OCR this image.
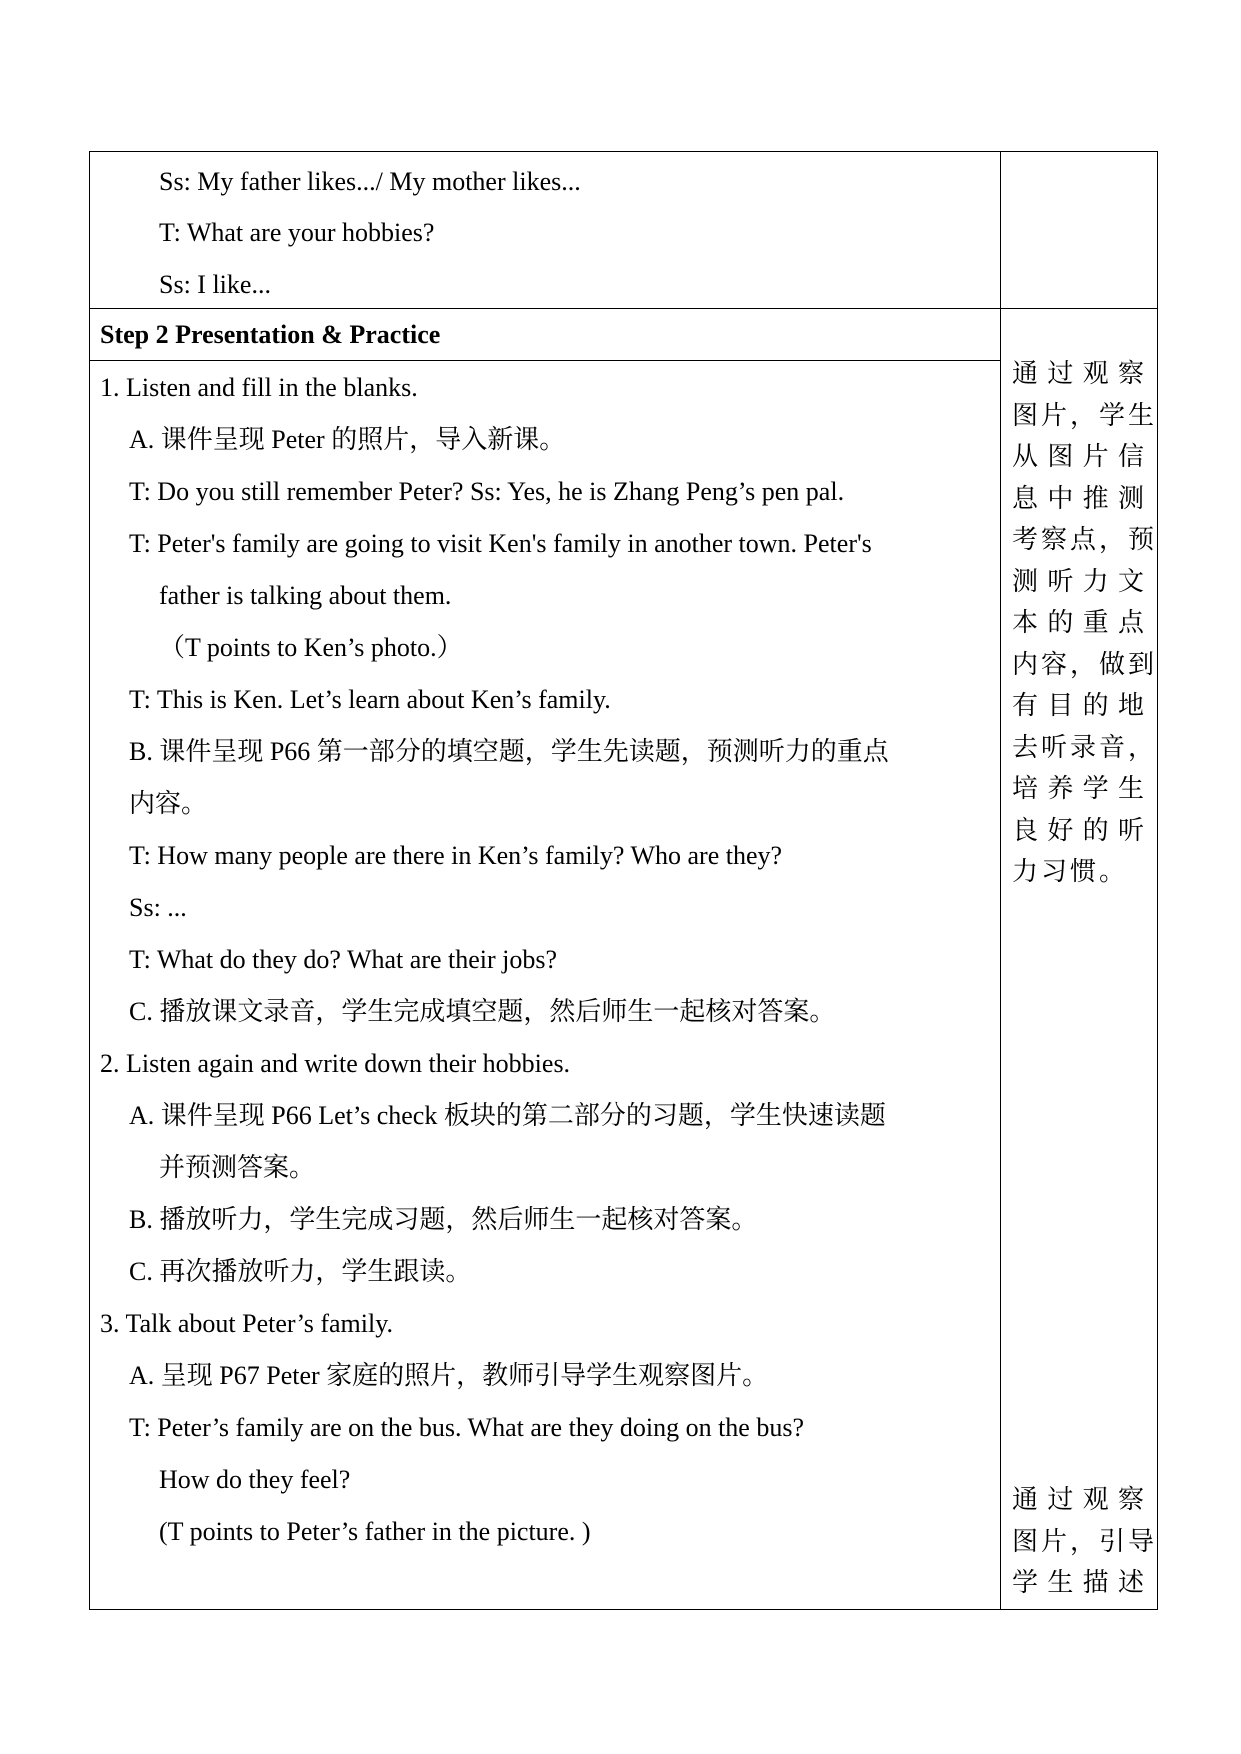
Ss: My father likes.../ My mother likes...
T: What are your hobbies?
Ss: I like...
Step 2 Presentation & Practice
1. Listen and fill in the blanks.
A. 课件呈现 Peter 的照片，导入新课。
T: Do you still remember Peter? Ss: Yes, he is Zhang Peng’s pen pal.
T: Peter's family are going to visit Ken's family in another town. Peter's
father is talking about them.
（T points to Ken’s photo.）
T: This is Ken. Let’s learn about Ken’s family.
B. 课件呈现 P66 第一部分的填空题，学生先读题，预测听力的重点
内容。
T: How many people are there in Ken’s family? Who are they?
Ss: ...
T: What do they do? What are their jobs?
C. 播放课文录音，学生完成填空题，然后师生一起核对答案。
2. Listen again and write down their hobbies.
A. 课件呈现 P66 Let’s check 板块的第二部分的习题，学生快速读题
并预测答案。
B. 播放听力，学生完成习题，然后师生一起核对答案。
C. 再次播放听力，学生跟读。
3. Talk about Peter’s family.
A. 呈现 P67 Peter 家庭的照片，教师引导学生观察图片。
T: Peter’s family are on the bus. What are they doing on the bus?
How do they feel?
(T points to Peter’s father in the picture. )
通过观察
图片，学生
从图片信
息中推测
考察点，预
测听力文
本的重点
内容，做到
有目的地
去听录音，
培养学生
良好的听
力习惯。
通过观察
图片，引导
学生描述
